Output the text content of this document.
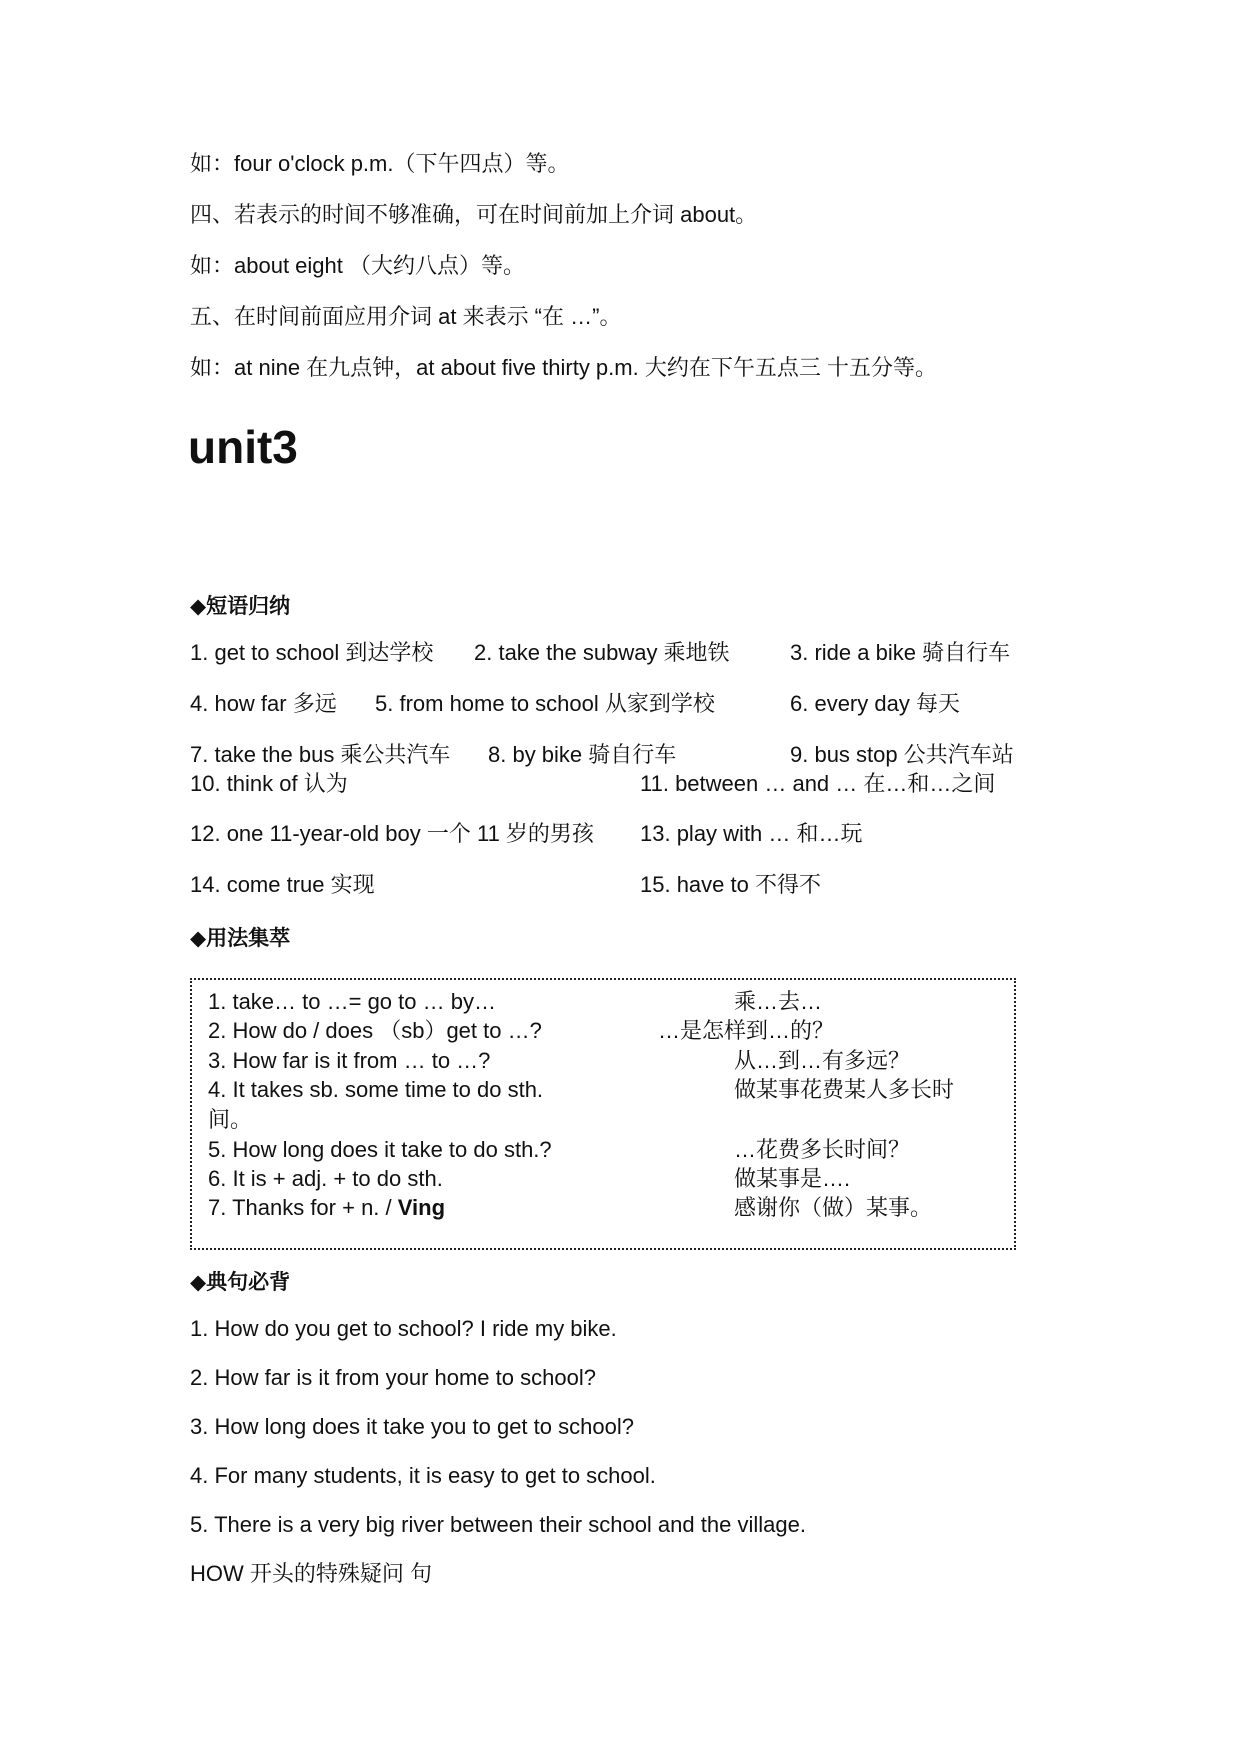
如：four o'clock p.m.（下午四点）等。
四、若表示的时间不够准确，可在时间前加上介词 about。
如：about eight （大约八点）等。
五、在时间前面应用介词 at 来表示 “在 …”。
如：at nine 在九点钟，at about five thirty p.m. 大约在下午五点三 十五分等。
unit3
◆短语归纳
1. get to school 到达学校 2. take the subway 乘地铁	3. ride a bike 骑自行车
4. how far 多远 5. from home to school 从家到学校	6. every day 每天
7. take the bus 乘公共汽车 8. by bike 骑自行车	9. bus stop 公共汽车站
10. think of 认为	11. between … and … 在…和…之间
12. one 11-year-old boy 一个 11 岁的男孩 13. play with … 和…玩
14. come true 实现	15. have to 不得不
◆用法集萃
1. take… to …= go to … by…	乘…去…
2. How do / does （sb）get to …?	…是怎样到…的？
3. How far is it from … to …?	从…到…有多远？
4. It takes sb. some time to do sth.	做某事花费某人多长时
间。
5. How long does it take to do sth.?	…花费多长时间？
6. It is + adj. + to do sth.	做某事是….
7. Thanks for + n. / Ving	感谢你（做）某事。
◆典句必背
1. How do you get to school? I ride my bike.
2. How far is it from your home to school?
3. How long does it take you to get to school?
4. For many students, it is easy to get to school.
5. There is a very big river between their school and the village.
HOW 开头的特殊疑问 句
